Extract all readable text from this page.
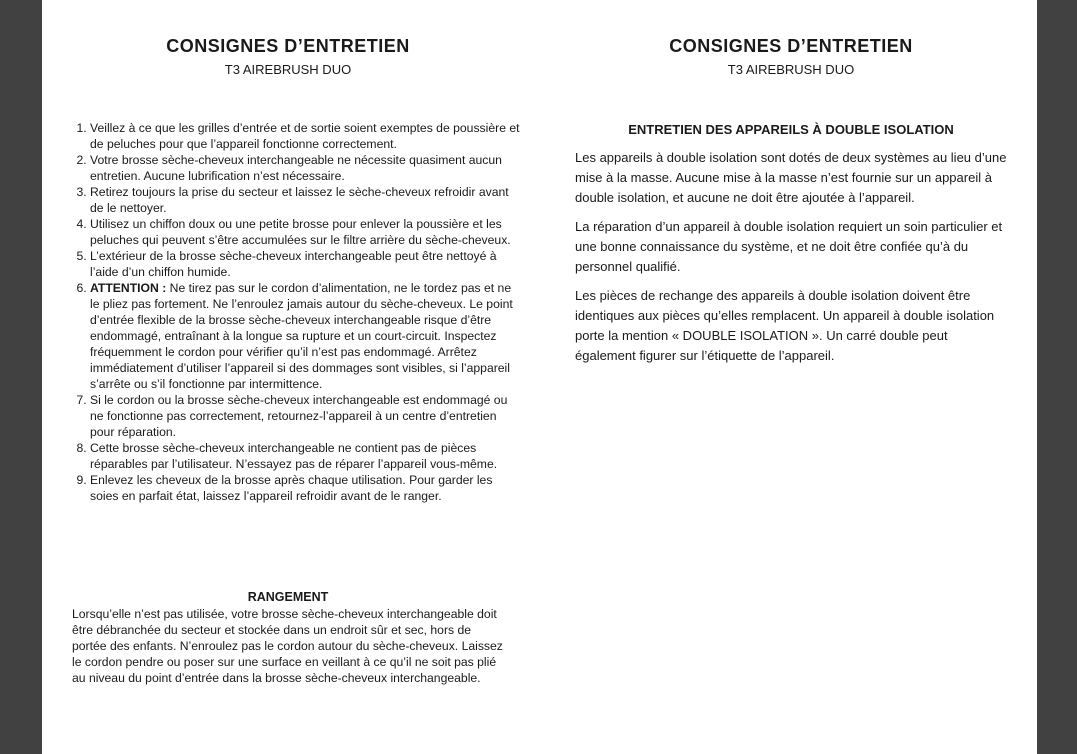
CONSIGNES D’ENTRETIEN
T3 AIREBRUSH DUO
1. Veillez à ce que les grilles d’entrée et de sortie soient exemptes de poussière et de peluches pour que l’appareil fonctionne correctement.
2. Votre brosse sèche-cheveux interchangeable ne nécessite quasiment aucun entretien. Aucune lubrification n’est nécessaire.
3. Retirez toujours la prise du secteur et laissez le sèche-cheveux refroidir avant de le nettoyer.
4. Utilisez un chiffon doux ou une petite brosse pour enlever la poussière et les peluches qui peuvent s’être accumulées sur le filtre arrière du sèche-cheveux.
5. L’extérieur de la brosse sèche-cheveux interchangeable peut être nettoyé à l’aide d’un chiffon humide.
6. ATTENTION : Ne tirez pas sur le cordon d’alimentation, ne le tordez pas et ne le pliez pas fortement. Ne l’enroulez jamais autour du sèche-cheveux. Le point d’entrée flexible de la brosse sèche-cheveux interchangeable risque d’être endommagé, entraînant à la longue sa rupture et un court-circuit. Inspectez fréquemment le cordon pour vérifier qu’il n’est pas endommagé. Arrêtez immédiatement d’utiliser l’appareil si des dommages sont visibles, si l’appareil s’arrête ou s’il fonctionne par intermittence.
7. Si le cordon ou la brosse sèche-cheveux interchangeable est endommagé ou ne fonctionne pas correctement, retournez-l’appareil à un centre d’entretien pour réparation.
8. Cette brosse sèche-cheveux interchangeable ne contient pas de pièces réparables par l’utilisateur. N’essayez pas de réparer l’appareil vous-même.
9. Enlevez les cheveux de la brosse après chaque utilisation. Pour garder les soies en parfait état, laissez l’appareil refroidir avant de le ranger.
RANGEMENT

Lorsqu’elle n’est pas utilisée, votre brosse sèche-cheveux interchangeable doit être débranchée du secteur et stockée dans un endroit sûr et sec, hors de portée des enfants. N’enroulez pas le cordon autour du sèche-cheveux. Laissez le cordon pendre ou poser sur une surface en veillant à ce qu’il ne soit pas plié au niveau du point d’entrée dans la brosse sèche-cheveux interchangeable.

CONSIGNES D’ENTRETIEN
T3 AIREBRUSH DUO
ENTRETIEN DES APPAREILS À DOUBLE ISOLATION

Les appareils à double isolation sont dotés de deux systèmes au lieu d’une mise à la masse. Aucune mise à la masse n’est fournie sur un appareil à double isolation, et aucune ne doit être ajoutée à l’appareil.

La réparation d’un appareil à double isolation requiert un soin particulier et une bonne connaissance du système, et ne doit être confiée qu’à du personnel qualifié.

Les pièces de rechange des appareils à double isolation doivent être identiques aux pièces qu’elles remplacent. Un appareil à double isolation porte la mention « DOUBLE ISOLATION ». Un carré double peut également figurer sur l’étiquette de l’appareil.
